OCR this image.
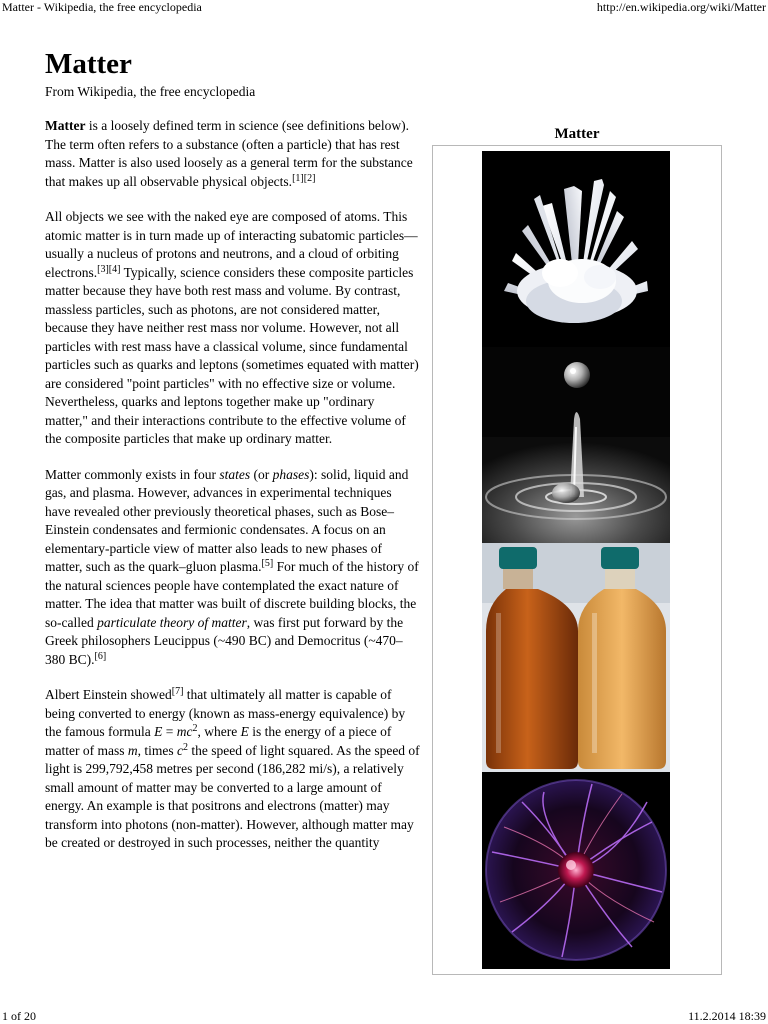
Matter - Wikipedia, the free encyclopedia	http://en.wikipedia.org/wiki/Matter
Matter
From Wikipedia, the free encyclopedia

Matter is a loosely defined term in science (see definitions below). The term often refers to a substance (often a particle) that has rest mass. Matter is also used loosely as a general term for the substance that makes up all observable physical objects.[1][2]

All objects we see with the naked eye are composed of atoms. This atomic matter is in turn made up of interacting subatomic particles—usually a nucleus of protons and neutrons, and a cloud of orbiting electrons.[3][4] Typically, science considers these composite particles matter because they have both rest mass and volume. By contrast, massless particles, such as photons, are not considered matter, because they have neither rest mass nor volume. However, not all particles with rest mass have a classical volume, since fundamental particles such as quarks and leptons (sometimes equated with matter) are considered "point particles" with no effective size or volume. Nevertheless, quarks and leptons together make up "ordinary matter," and their interactions contribute to the effective volume of the composite particles that make up ordinary matter.

Matter commonly exists in four states (or phases): solid, liquid and gas, and plasma. However, advances in experimental techniques have revealed other previously theoretical phases, such as Bose–Einstein condensates and fermionic condensates. A focus on an elementary-particle view of matter also leads to new phases of matter, such as the quark–gluon plasma.[5] For much of the history of the natural sciences people have contemplated the exact nature of matter. The idea that matter was built of discrete building blocks, the so-called particulate theory of matter, was first put forward by the Greek philosophers Leucippus (~490 BC) and Democritus (~470–380 BC).[6]

Albert Einstein showed[7] that ultimately all matter is capable of being converted to energy (known as mass-energy equivalence) by the famous formula $E = mc^2$, where E is the energy of a piece of matter of mass m, times $c^2$ the speed of light squared. As the speed of light is 299,792,458 metres per second (186,282 mi/s), a relatively small amount of matter may be converted to a large amount of energy. An example is that positrons and electrons (matter) may transform into photons (non-matter). However, although matter may be created or destroyed in such processes, neither the quantity

Matter
1 of 20	11.2.2014 18:39
